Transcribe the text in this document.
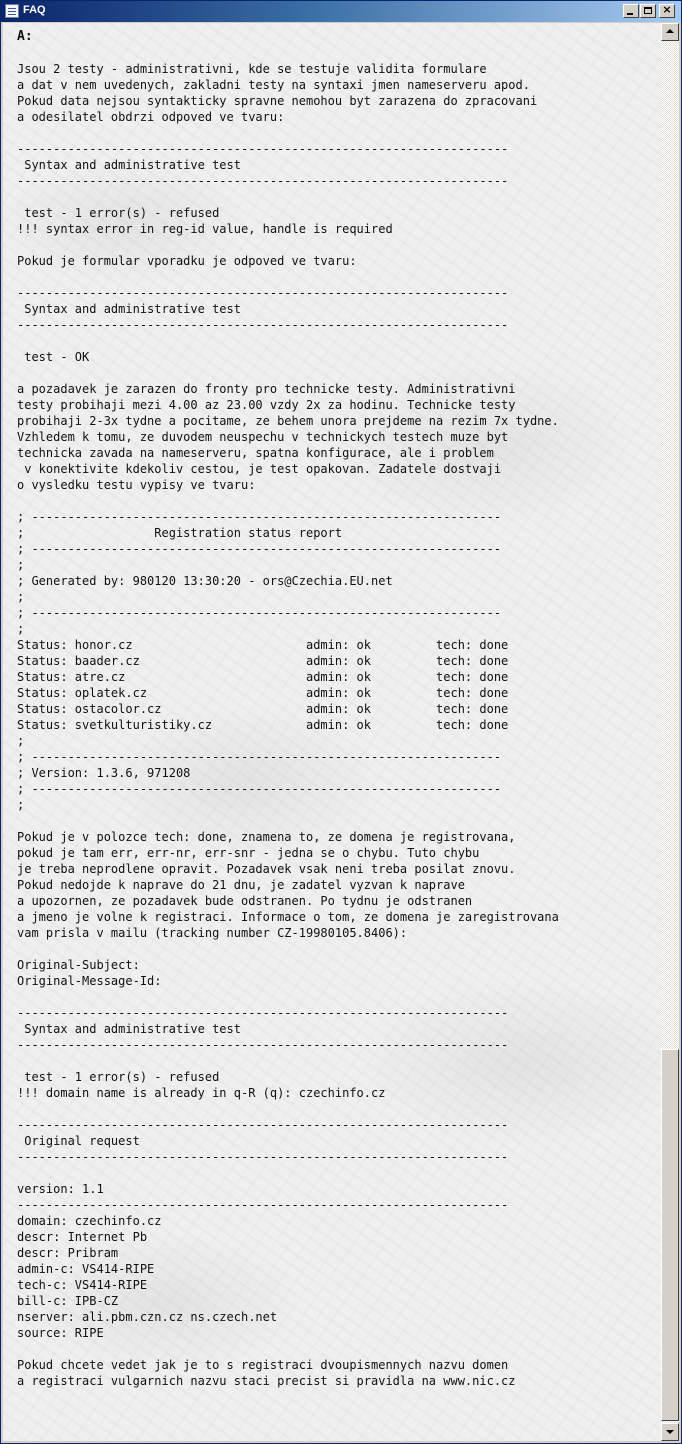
FAQ	×
A:

Jsou 2 testy - administrativni, kde se testuje validita formulare
a dat v nem uvedenych, zakladni testy na syntaxi jmen nameserveru apod.
Pokud data nejsou syntakticky spravne nemohou byt zarazena do zpracovani
a odesilatel obdrzi odpoved ve tvaru:

--------------------------------------------------------------------
Syntax and administrative test
--------------------------------------------------------------------

test - 1 error(s) - refused
!!! syntax error in reg-id value, handle is required

Pokud je formular vporadku je odpoved ve tvaru:

--------------------------------------------------------------------
Syntax and administrative test
--------------------------------------------------------------------

test - OK

a pozadavek je zarazen do fronty pro technicke testy. Administrativni
testy probihaji mezi 4.00 az 23.00 vzdy 2x za hodinu. Technicke testy
probihaji 2-3x tydne a pocitame, ze behem unora prejdeme na rezim 7x tydne.
Vzhledem k tomu, ze duvodem neuspechu v technickych testech muze byt
technicka zavada na nameserveru, spatna konfigurace, ale i problem
v konektivite kdekoliv cestou, je test opakovan. Zadatele dostvaji
o vysledku testu vypisy ve tvaru:

; -----------------------------------------------------------------
;                  Registration status report
; -----------------------------------------------------------------
;
; Generated by: 980120 13:30:20 - ors@Czechia.EU.net
;
; -----------------------------------------------------------------
;
Status: honor.cz                        admin: ok         tech: done
Status: baader.cz                       admin: ok         tech: done
Status: atre.cz                         admin: ok         tech: done
Status: oplatek.cz                      admin: ok         tech: done
Status: ostacolor.cz                    admin: ok         tech: done
Status: svetkulturistiky.cz             admin: ok         tech: done
;
; -----------------------------------------------------------------
; Version: 1.3.6, 971208
; -----------------------------------------------------------------
;

Pokud je v polozce tech: done, znamena to, ze domena je registrovana,
pokud je tam err, err-nr, err-snr - jedna se o chybu. Tuto chybu
je treba neprodlene opravit. Pozadavek vsak neni treba posilat znovu.
Pokud nedojde k naprave do 21 dnu, je zadatel vyzvan k naprave
a upozornen, ze pozadavek bude odstranen. Po tydnu je odstranen
a jmeno je volne k registraci. Informace o tom, ze domena je zaregistrovana
vam prisla v mailu (tracking number CZ-19980105.8406):

Original-Subject:
Original-Message-Id:

--------------------------------------------------------------------
Syntax and administrative test
--------------------------------------------------------------------

test - 1 error(s) - refused
!!! domain name is already in q-R (q): czechinfo.cz

--------------------------------------------------------------------
Original request
--------------------------------------------------------------------

version: 1.1
--------------------------------------------------------------------
domain: czechinfo.cz
descr: Internet Pb
descr: Pribram
admin-c: VS414-RIPE
tech-c: VS414-RIPE
bill-c: IPB-CZ
nserver: ali.pbm.czn.cz ns.czech.net
source: RIPE

Pokud chcete vedet jak je to s registraci dvoupismennych nazvu domen
a registraci vulgarnich nazvu staci precist si pravidla na www.nic.cz
